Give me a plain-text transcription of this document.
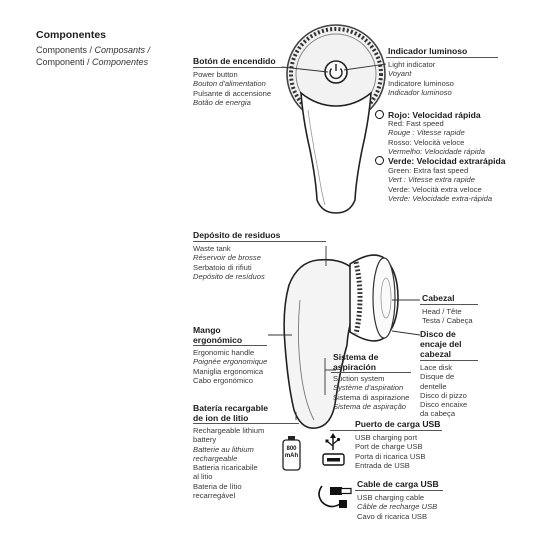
Componentes
Components / Composants /
Componenti / Componentes	Botón de encendido
Power button
Bouton d'alimentation
Pulsante di accensione
Botão de energia
Indicador luminoso
Light indicator
Voyant
Indicatore luminoso
Indicador luminoso
Rojo: Velocidad rápida
Red: Fast speed
Rouge : Vitesse rapide
Rosso: Velocità veloce
Vermelho: Velocidade rápida
Verde: Velocidad extrarápida
Green: Extra fast speed
Vert : Vitesse extra rapide
Verde: Velocità extra veloce
Verde: Velocidade extra-rápida
Depósito de residuos
Waste tank
Réservoir de brosse
Serbatoio di rifiuti
Depósito de resíduos
Cabezal
Head / Tête
Testa / Cabeça
Disco de
encaje del
cabezal
Lace disk
Disque de
dentelle
Disco di pizzo
Disco encaixe
da cabeça
Mango
ergonómico
Ergonomic handle
Poignée ergonomique
Maniglia ergonomica
Cabo ergonómico
Sistema de
aspiración
Suction system
Système d'aspiration
Sistema di aspirazione
Sistema de aspiração
Batería recargable
de ion de litio
Rechargeable lithium
battery
Batterie au lithium
rechargeable
Batteria ricaricabile
al litio
Bateria de lítio
recarregável
800
mAh
Puerto de carga USB
USB charging port
Port de charge USB
Porta di ricarica USB
Entrada de USB
Cable de carga USB
USB charging cable
Câble de recharge USB
Cavo di ricarica USB
